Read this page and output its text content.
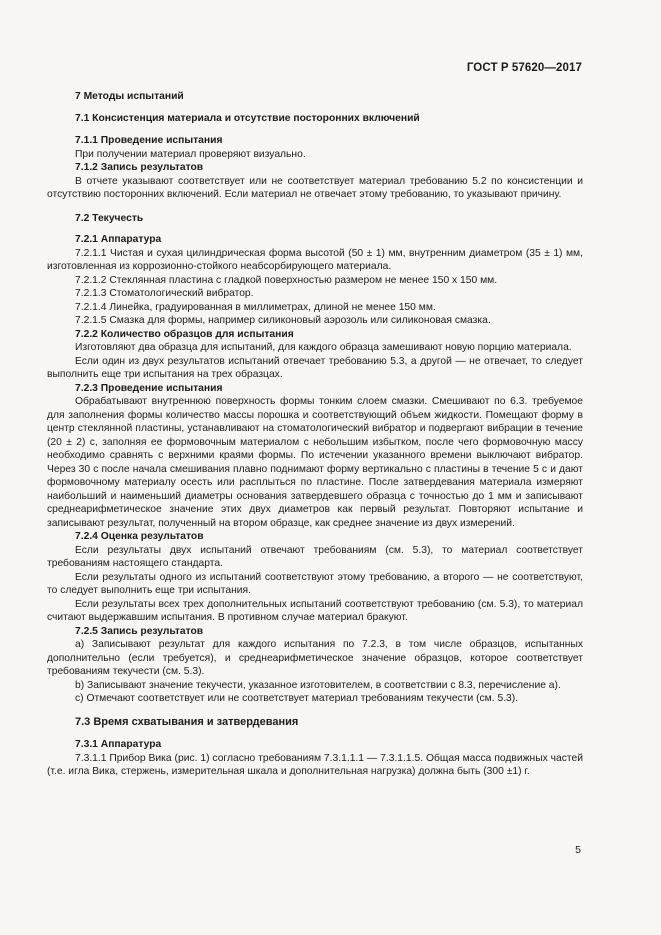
ГОСТ Р 57620—2017

7 Методы испытаний

7.1 Консистенция материала и отсутствие посторонних включений

7.1.1 Проведение испытания

При получении материал проверяют визуально.

7.1.2 Запись результатов

В отчете указывают соответствует или не соответствует материал требованию 5.2 по консистенции и отсутствию посторонних включений. Если материал не отвечает этому требованию, то указывают причину.

7.2 Текучесть

7.2.1 Аппаратура

7.2.1.1 Чистая и сухая цилиндрическая форма высотой (50 ± 1) мм, внутренним диаметром (35 ± 1) мм, изготовленная из коррозионно-стойкого неабсорбирующего материала.

7.2.1.2 Стеклянная пластина с гладкой поверхностью размером не менее 150 х 150 мм.

7.2.1.3 Стоматологический вибратор.

7.2.1.4 Линейка, градуированная в миллиметрах, длиной не менее 150 мм.

7.2.1.5 Смазка для формы, например силиконовый аэрозоль или силиконовая смазка.

7.2.2 Количество образцов для испытания

Изготовляют два образца для испытаний, для каждого образца замешивают новую порцию материала.

Если один из двух результатов испытаний отвечает требованию 5.3, а другой — не отвечает, то следует выполнить еще три испытания на трех образцах.

7.2.3 Проведение испытания

Обрабатывают внутреннюю поверхность формы тонким слоем смазки. Смешивают по 6.3. требуемое для заполнения формы количество массы порошка и соответствующий объем жидкости. Помещают форму в центр стеклянной пластины, устанавливают на стоматологический вибратор и подвергают вибрации в течение (20 ± 2) с, заполняя ее формовочным материалом с небольшим избытком, после чего формовочную массу необходимо сравнять с верхними краями формы. По истечении указанного времени выключают вибратор. Через 30 с после начала смешивания плавно поднимают форму вертикально с пластины в течение 5 с и дают формовочному материалу осесть или расплыться по пластине. После затвердевания материала измеряют наибольший и наименьший диаметры основания затвердевшего образца с точностью до 1 мм и записывают среднеарифметическое значение этих двух диаметров как первый результат. Повторяют испытание и записывают результат, полученный на втором образце, как среднее значение из двух измерений.

7.2.4 Оценка результатов

Если результаты двух испытаний отвечают требованиям (см. 5.3), то материал соответствует требованиям настоящего стандарта.

Если результаты одного из испытаний соответствуют этому требованию, а второго — не соответствуют, то следует выполнить еще три испытания.

Если результаты всех трех дополнительных испытаний соответствуют требованию (см. 5.3), то материал считают выдержавшим испытания. В противном случае материал бракуют.

7.2.5 Запись результатов

а) Записывают результат для каждого испытания по 7.2.3, в том числе образцов, испытанных дополнительно (если требуется), и среднеарифметическое значение образцов, которое соответствует требованиям текучести (см. 5.3).

b) Записывают значение текучести, указанное изготовителем, в соответствии с 8.3, перечисление а).

с) Отмечают соответствует или не соответствует материал требованиям текучести (см. 5.3).

7.3 Время схватывания и затвердевания

7.3.1 Аппаратура

7.3.1.1 Прибор Вика (рис. 1) согласно требованиям 7.3.1.1.1 — 7.3.1.1.5. Общая масса подвижных частей (т.е. игла Вика, стержень, измерительная шкала и дополнительная нагрузка) должна быть (300 ±1) г.

5
